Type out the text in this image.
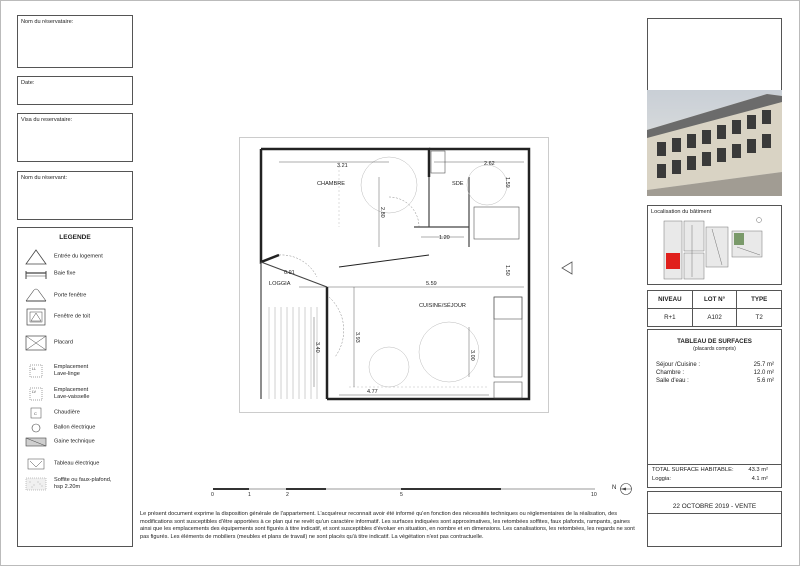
Nom du réservataire:
Date:
Visa du reservataire:
Nom du réservant:
LEGENDE
Entrée du logement
Baie fixe
Porte fenêtre
Fenêtre de toit
Placard
LL	Emplacement
Lave-linge
LV	Emplacement
Lave-vaisselle
C	Chaudière
Ballon électrique
Gaine technique
Tableau électrique
Soffite ou faux-plafond,
hsp 2.20m
CHAMBRE	SDE
LOGGIA
CUISINE/SÉJOUR
3.21	2.62
2.80
1.59
1.20
1.50
5.59
0.91
3.93
3.40
3.00
4.77
0	1	2	5	10
N
Le présent document exprime la disposition générale de l'appartement. L'acquéreur reconnait avoir été informé qu'en fonction des nécessités techniques ou réglementaires de la réalisation, des modifications sont susceptibles d'être apportées à ce plan qui ne revêt qu'un caractère informatif. Les surfaces indiquées sont approximatives, les retombées soffites, faux plafonds, rampants, gaines ainsi que les emplacements des équipements sont figurés à titre indicatif, et sont susceptibles d'évoluer en situation, en nombre et en dimensions. Les canalisations, les retombées, les regards ne sont pas figurés. Les éléments de mobiliers (meubles et plans de travail) ne sont placés qu'à titre indicatif. La végétation n'est pas contractuelle.
Localisation du bâtiment
NIVEAU	LOT N°	TYPE
R+1	A102	T2
TABLEAU DE SURFACES
(placards compris)
Séjour /Cuisine :	25.7 m²
Chambre :	12.0 m²
Salle d'eau :	5.6 m²
TOTAL SURFACE HABITABLE:	43.3 m²
Loggia:	4.1 m²
22 OCTOBRE 2019 - VENTE
